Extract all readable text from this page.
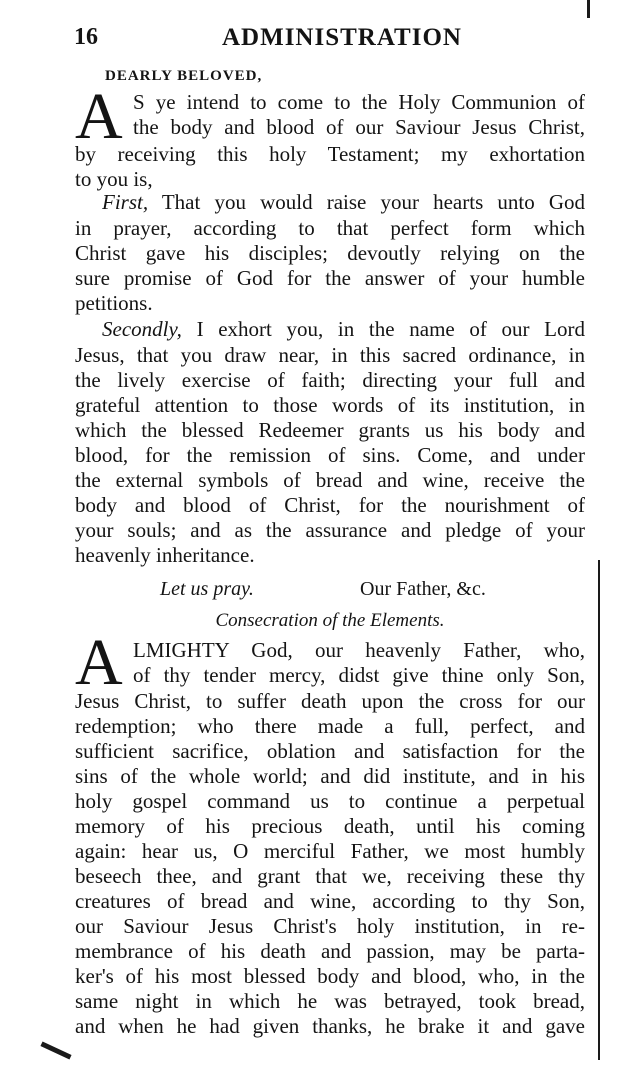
16	ADMINISTRATION
DEARLY BELOVED,
A S ye intend to come to the Holy Communion of
the body and blood of our Saviour Jesus Christ,
by receiving this holy Testament; my exhortation
to you is,
First, That you would raise your hearts unto God
in prayer, according to that perfect form which
Christ gave his disciples; devoutly relying on the
sure promise of God for the answer of your humble
petitions.
Secondly, I exhort you, in the name of our Lord
Jesus, that you draw near, in this sacred ordinance, in
the lively exercise of faith; directing your full and
grateful attention to those words of its institution, in
which the blessed Redeemer grants us his body and
blood, for the remission of sins. Come, and under
the external symbols of bread and wine, receive the
body and blood of Christ, for the nourishment of
your souls; and as the assurance and pledge of your
heavenly inheritance.
Let us pray.	Our Father, &c.
Consecration of the Elements.
A LMIGHTY God, our heavenly Father, who,
of thy tender mercy, didst give thine only Son,
Jesus Christ, to suffer death upon the cross for our
redemption; who there made a full, perfect, and
sufficient sacrifice, oblation and satisfaction for the
sins of the whole world; and did institute, and in his
holy gospel command us to continue a perpetual
memory of his precious death, until his coming
again: hear us, O merciful Father, we most humbly
beseech thee, and grant that we, receiving these thy
creatures of bread and wine, according to thy Son,
our Saviour Jesus Christ's holy institution, in re-
membrance of his death and passion, may be parta-
ker's of his most blessed body and blood, who, in the
same night in which he was betrayed, took bread,
and when he had given thanks, he brake it and gave
